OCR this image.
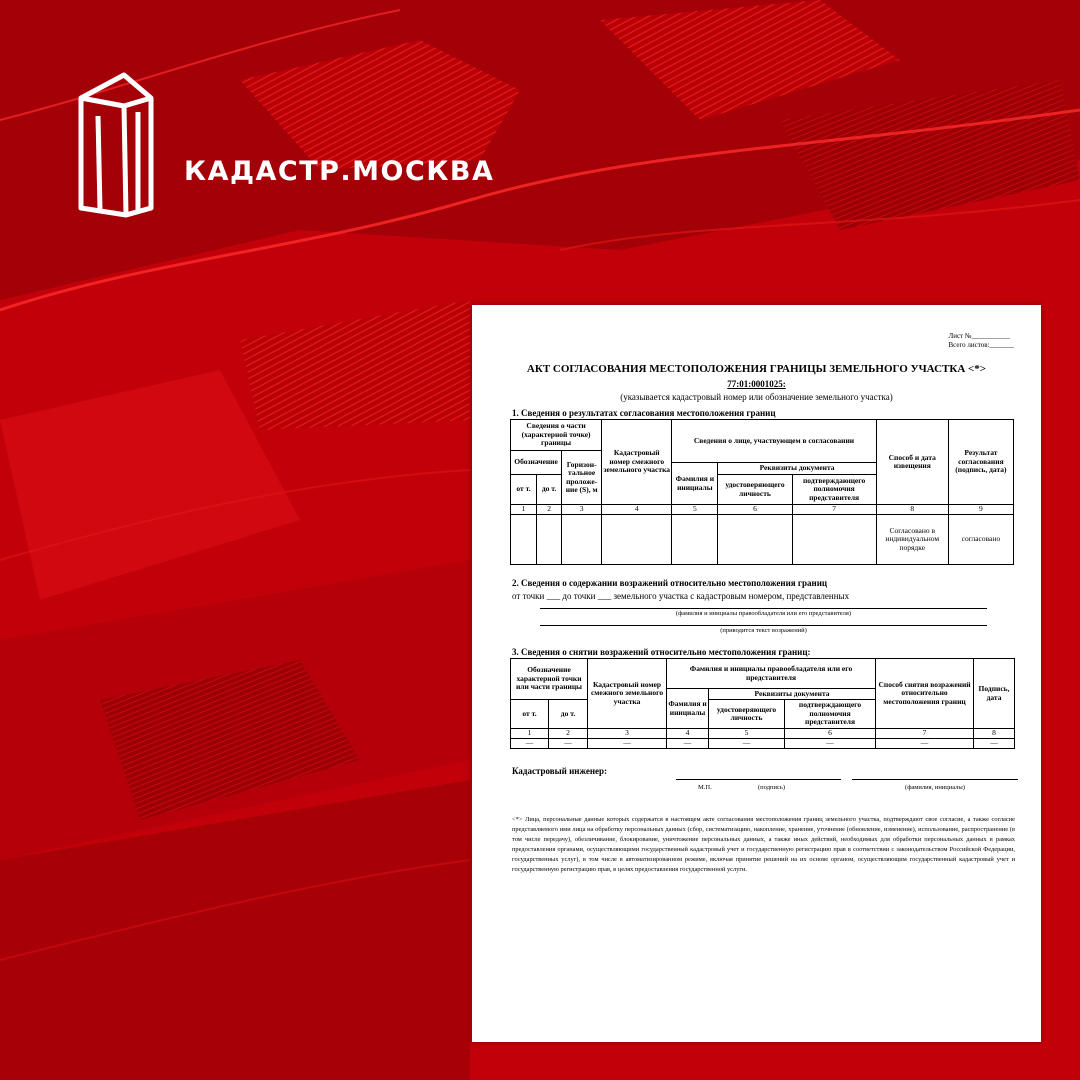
КАДАСТР.МОСКВА
Лист №___________
Всего листов:_______
АКТ СОГЛАСОВАНИЯ МЕСТОПОЛОЖЕНИЯ ГРАНИЦЫ ЗЕМЕЛЬНОГО УЧАСТКА <*>
77:01:0001025:
(указывается кадастровый номер или обозначение земельного участка)
1. Сведения о результатах согласования местоположения границ
Сведения о части (характерной точке) границы			Кадастровый номер смежного земельного участка	Сведения о лице, участвующем в согласовании			Способ и дата извещения	Результат согласования (подпись, дата)
Обозначение		Горизон-тальное проложе-ние (S), м						
				Фамилия и инициалы	Реквизиты документа			
от т.	до т.				удостоверяющего личность	подтверждающего полномочия представителя		
1	2	3	4	5	6	7	8	9
							Согласовано в индивидуальном порядке	согласовано
2. Сведения о содержании возражений относительно местоположения границ
от точки ___ до точки ___ земельного участка с кадастровым номером, представленных
(фамилия и инициалы правообладателя или его представителя)
(приводится текст возражений)
3. Сведения о снятии возражений относительно местоположения границ:
Обозначение характерной точки или части границы		Кадастровый номер смежного земельного участка	Фамилия и инициалы правообладателя или его представителя			Способ снятия возражений относительно местоположения границ	Подпись, дата
			Фамилия и инициалы	Реквизиты документа			
от т.	до т.			удостоверяющего личность	подтверждающего полномочия представителя		

1	2	3	4	5	6	7	8
—	—	—	—	—	—	—	—
Кадастровый инженер:
М.П.	(подпись)	(фамилия, инициалы)
<*> Лица, персональные данные которых содержатся в настоящем акте согласования местоположения границ земельного участка, подтверждают свое согласие, а также согласие представляемого ими лица на обработку персональных данных (сбор, систематизацию, накопление, хранение, уточнение (обновление, изменение), использование, распространение (в том числе передачу), обезличивание, блокирование, уничтожение персональных данных, а также иных действий, необходимых для обработки персональных данных в рамках предоставления органами, осуществляющими государственный кадастровый учет и государственную регистрацию прав в соответствии с законодательством Российской Федерации, государственных услуг), в том числе в автоматизированном режиме, включая принятие решений на их основе органом, осуществляющим государственный кадастровый учет и государственную регистрацию прав, в целях предоставления государственной услуги.
